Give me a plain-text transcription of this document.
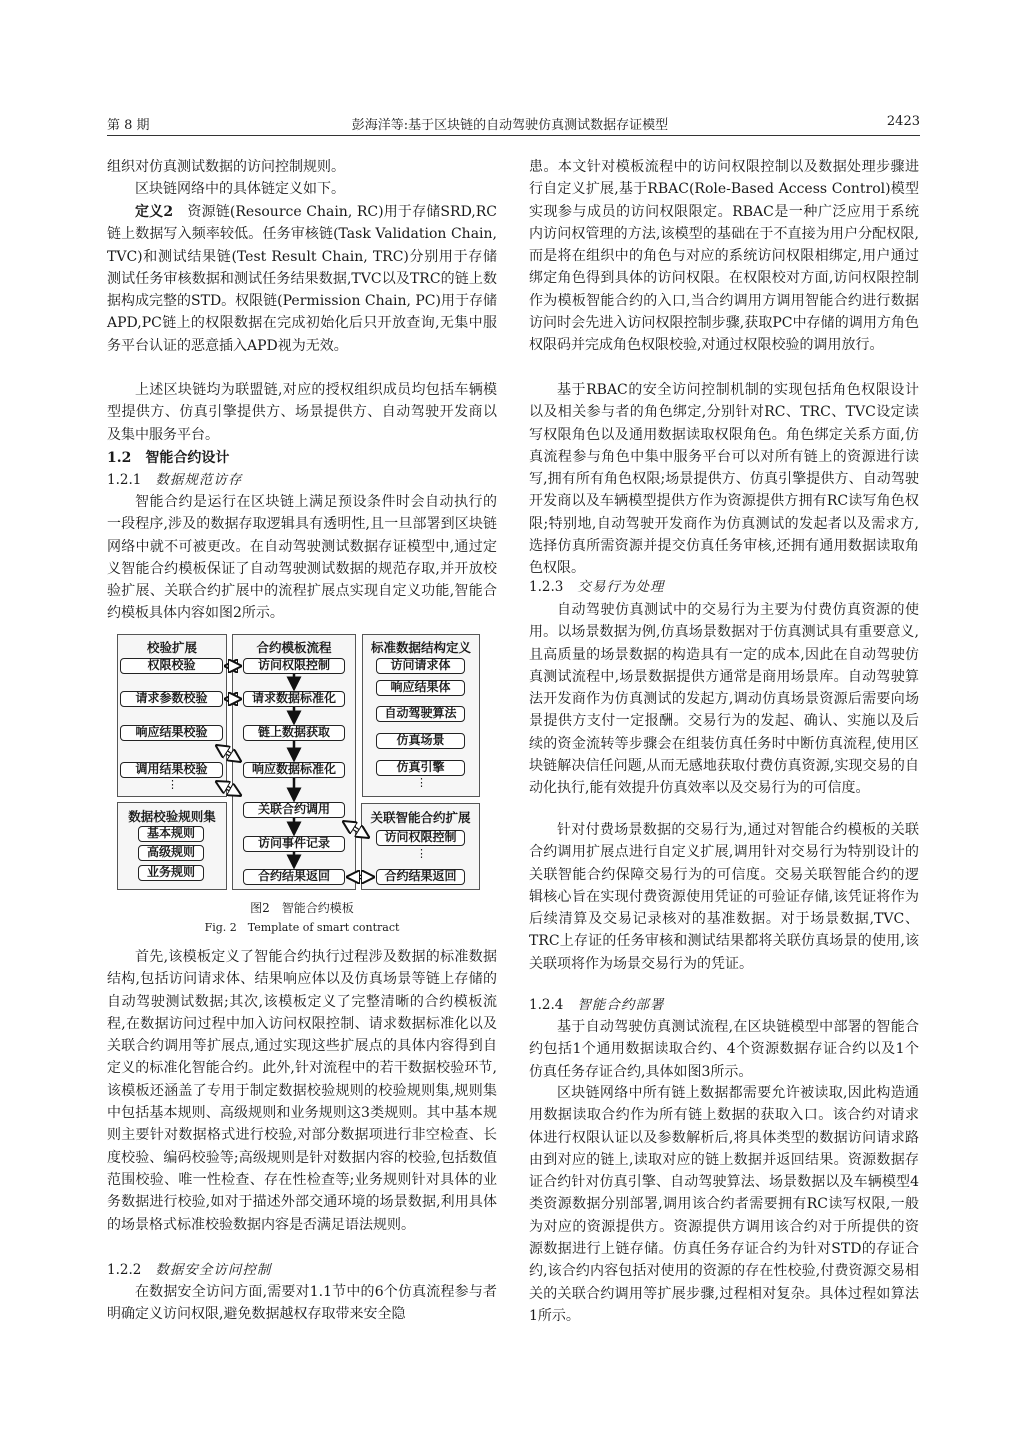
第 8 期	彭海洋等:基于区块链的自动驾驶仿真测试数据存证模型	2423

组织对仿真测试数据的访问控制规则。

区块链网络中的具体链定义如下。

定义2　资源链(Resource Chain, RC)用于存储SRD,RC链上数据写入频率较低。任务审核链(Task Validation Chain, TVC)和测试结果链(Test Result Chain, TRC)分别用于存储测试任务审核数据和测试任务结果数据,TVC以及TRC的链上数据构成完整的STD。权限链(Permission Chain, PC)用于存储APD,PC链上的权限数据在完成初始化后只开放查询,无集中服务平台认证的恶意插入APD视为无效。

上述区块链均为联盟链,对应的授权组织成员均包括车辆模型提供方、仿真引擎提供方、场景提供方、自动驾驶开发商以及集中服务平台。

1.2 智能合约设计
1.2.1 数据规范访存

智能合约是运行在区块链上满足预设条件时会自动执行的一段程序,涉及的数据存取逻辑具有透明性,且一旦部署到区块链网络中就不可被更改。在自动驾驶测试数据存证模型中,通过定义智能合约模板保证了自动驾驶测试数据的规范存取,并开放校验扩展、关联合约扩展中的流程扩展点实现自定义功能,智能合约模板具体内容如图2所示。

校验扩展	合约模板流程	标准数据结构定义
数据校验规则集	关联智能合约扩展
权限校验
请求参数校验
响应结果校验
调用结果校验
⋮
访问权限控制
请求数据标准化
链上数据获取
响应数据标准化
关联合约调用
访问事件记录
合约结果返回
访问请求体
响应结果体
自动驾驶算法
仿真场景
仿真引擎
⋮
基本规则
高级规则
业务规则
访问权限控制
⋮
合约结果返回
图2　智能合约模板
Fig. 2　Template of smart contract

首先,该模板定义了智能合约执行过程涉及数据的标准数据结构,包括访问请求体、结果响应体以及仿真场景等链上存储的自动驾驶测试数据;其次,该模板定义了完整清晰的合约模板流程,在数据访问过程中加入访问权限控制、请求数据标准化以及关联合约调用等扩展点,通过实现这些扩展点的具体内容得到自定义的标准化智能合约。此外,针对流程中的若干数据校验环节,该模板还涵盖了专用于制定数据校验规则的校验规则集,规则集中包括基本规则、高级规则和业务规则这3类规则。其中基本规则主要针对数据格式进行校验,对部分数据项进行非空检查、长度校验、编码校验等;高级规则是针对数据内容的校验,包括数值范围校验、唯一性检查、存在性检查等;业务规则针对具体的业务数据进行校验,如对于描述外部交通环境的场景数据,利用具体的场景格式标准校验数据内容是否满足语法规则。

1.2.2 数据安全访问控制

在数据安全访问方面,需要对1.1节中的6个仿真流程参与者明确定义访问权限,避免数据越权存取带来安全隐

患。本文针对模板流程中的访问权限控制以及数据处理步骤进行自定义扩展,基于RBAC(Role-Based Access Control)模型实现参与成员的访问权限限定。RBAC是一种广泛应用于系统内访问权管理的方法,该模型的基础在于不直接为用户分配权限,而是将在组织中的角色与对应的系统访问权限相绑定,用户通过绑定角色得到具体的访问权限。在权限校对方面,访问权限控制作为模板智能合约的入口,当合约调用方调用智能合约进行数据访问时会先进入访问权限控制步骤,获取PC中存储的调用方角色权限码并完成角色权限校验,对通过权限校验的调用放行。

基于RBAC的安全访问控制机制的实现包括角色权限设计以及相关参与者的角色绑定,分别针对RC、TRC、TVC设定读写权限角色以及通用数据读取权限角色。角色绑定关系方面,仿真流程参与角色中集中服务平台可以对所有链上的资源进行读写,拥有所有角色权限;场景提供方、仿真引擎提供方、自动驾驶开发商以及车辆模型提供方作为资源提供方拥有RC读写角色权限;特别地,自动驾驶开发商作为仿真测试的发起者以及需求方,选择仿真所需资源并提交仿真任务审核,还拥有通用数据读取角色权限。

1.2.3 交易行为处理

自动驾驶仿真测试中的交易行为主要为付费仿真资源的使用。以场景数据为例,仿真场景数据对于仿真测试具有重要意义,且高质量的场景数据的构造具有一定的成本,因此在自动驾驶仿真测试流程中,场景数据提供方通常是商用场景库。自动驾驶算法开发商作为仿真测试的发起方,调动仿真场景资源后需要向场景提供方支付一定报酬。交易行为的发起、确认、实施以及后续的资金流转等步骤会在组装仿真任务时中断仿真流程,使用区块链解决信任问题,从而无感地获取付费仿真资源,实现交易的自动化执行,能有效提升仿真效率以及交易行为的可信度。

针对付费场景数据的交易行为,通过对智能合约模板的关联合约调用扩展点进行自定义扩展,调用针对交易行为特别设计的关联智能合约保障交易行为的可信度。交易关联智能合约的逻辑核心旨在实现付费资源使用凭证的可验证存储,该凭证将作为后续清算及交易记录核对的基准数据。对于场景数据,TVC、TRC上存证的任务审核和测试结果都将关联仿真场景的使用,该关联项将作为场景交易行为的凭证。

1.2.4 智能合约部署

基于自动驾驶仿真测试流程,在区块链模型中部署的智能合约包括1个通用数据读取合约、4个资源数据存证合约以及1个仿真任务存证合约,具体如图3所示。

区块链网络中所有链上数据都需要允许被读取,因此构造通用数据读取合约作为所有链上数据的获取入口。该合约对请求体进行权限认证以及参数解析后,将具体类型的数据访问请求路由到对应的链上,读取对应的链上数据并返回结果。资源数据存证合约针对仿真引擎、自动驾驶算法、场景数据以及车辆模型4类资源数据分别部署,调用该合约者需要拥有RC读写权限,一般为对应的资源提供方。资源提供方调用该合约对于所提供的资源数据进行上链存储。仿真任务存证合约为针对STD的存证合约,该合约内容包括对使用的资源的存在性校验,付费资源交易相关的关联合约调用等扩展步骤,过程相对复杂。具体过程如算法1所示。
